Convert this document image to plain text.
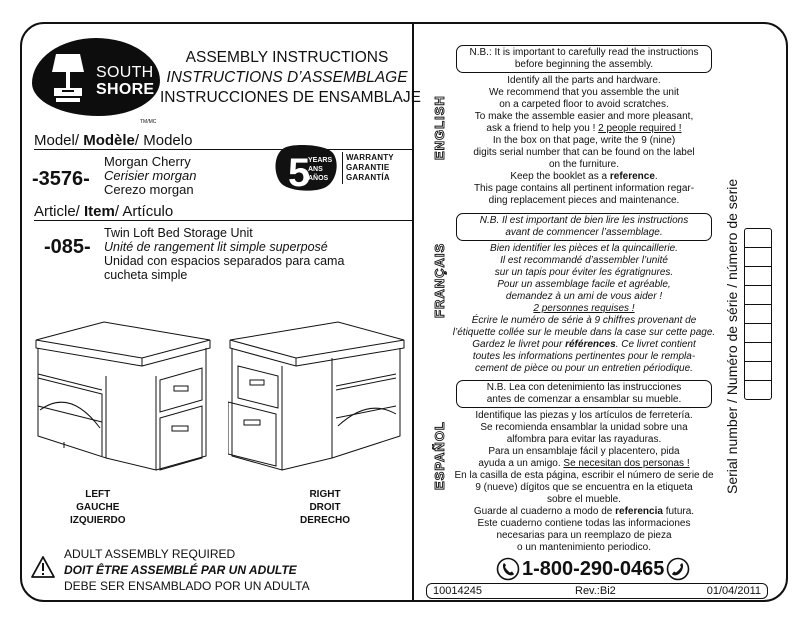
SOUTH
SHORE
TM/MC
ASSEMBLY INSTRUCTIONS
INSTRUCTIONS D’ASSEMBLAGE
INSTRUCCIONES DE ENSAMBLAJE
Model/ Modèle/ Modelo
-3576-
Morgan Cherry
Cerisier morgan
Cerezo morgan 5
YEARS
ANS
AÑOS
WARRANTY
GARANTIE
GARANTÍA
Article/ Item/ Artículo
-085-
Twin Loft Bed Storage Unit
Unité de rangement lit simple superposé
Unidad con espacios separados para cama
cucheta simple
LEFT
GAUCHE
IZQUIERDO
RIGHT
DROIT
DERECHO
ADULT ASSEMBLY REQUIRED
DOIT ÊTRE ASSEMBLÉ PAR UN ADULTE
DEBE SER ENSAMBLADO POR UN ADULTA
ENGLISH
FRANÇAIS
ESPAÑOL
N.B.: It is important to carefully read the instructions
before beginning the assembly.
Identify all the parts and hardware.
We recommend that you assemble the unit
on a carpeted floor to avoid scratches.
To make the assemble easier and more pleasant,
ask a friend to help you ! 2 people required !
In the box on that page, write the 9 (nine)
digits serial number that can be found on the label
on the furniture.
Keep the booklet as a reference.
This page contains all pertinent information regar-
ding replacement pieces and maintenance.
N.B. Il est important de bien lire les instructions
avant de commencer l’assemblage.
Bien identifier les pièces et la quincaillerie.
Il est recommandé d’assembler l’unité
sur un tapis pour éviter les égratignures.
Pour un assemblage facile et agréable,
demandez à un ami de vous aider !
2 personnes requises !
Écrire le numéro de série à 9 chiffres provenant de
l’étiquette collée sur le meuble dans la case sur cette page.
Gardez le livret pour références. Ce livret contient
toutes les informations pertinentes pour le rempla-
cement de pièce ou pour un entretien périodique.
N.B. Lea con detenimiento las instrucciones
antes de comenzar a ensamblar su mueble.
Identifique las piezas y los artículos de ferretería.
Se recomienda ensamblar la unidad sobre una
alfombra para evitar las rayaduras.
Para un ensamblaje fácil y placentero, pida
ayuda a un amigo. Se necesitan dos personas !
En la casilla de esta página, escribir el número de serie de
9 (nueve) dígitos que se encuentra en la etiqueta
sobre el mueble.
Guarde al cuaderno a modo de referencia futura.
Este cuaderno contiene todas las informaciones
necesarias para un reemplazo de pieza
o un mantenimiento periodico.
Serial number / Numéro de série / número de serie
1-800-290-0465
10014245	Rev.:Bi2	01/04/2011
